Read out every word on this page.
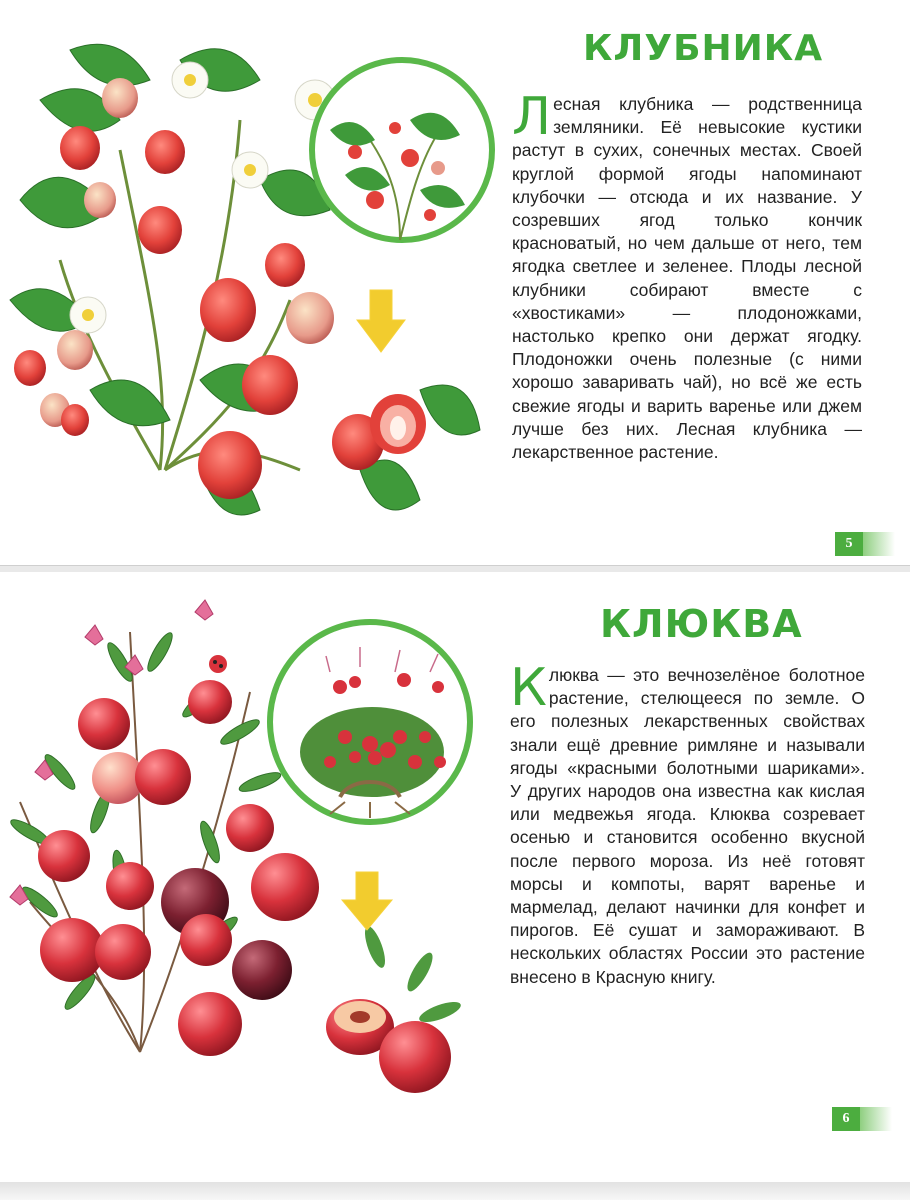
КЛУБНИКА
Л есная клубника — родственница земляники. Её невысокие кустики растут в сухих, сонечных местах. Своей круглой формой ягоды напоминают клубочки — отсюда и их название. У созревших ягод только кончик красноватый, но чем дальше от него, тем ягодка светлее и зеленее. Плоды лесной клубники собирают вместе с «хвостиками» — плодоножками, настолько крепко они держат ягодку. Плодоножки очень полезные (с ними хорошо заваривать чай), но всё же есть свежие ягоды и варить варенье или джем лучше без них. Лесная клубника — лекарственное растение.
5
КЛЮКВА
К люква — это вечнозелёное болотное растение, стелющееся по земле. О его полезных лекарственных свойствах знали ещё древние римляне и называли ягоды «красными болотными шариками». У других народов она известна как кислая или медвежья ягода. Клюква созревает осенью и становится особенно вкусной после первого мороза. Из неё готовят морсы и компоты, варят варенье и мармелад, делают начинки для конфет и пирогов. Её сушат и замораживают. В нескольких областях России это растение внесено в Красную книгу.
6
